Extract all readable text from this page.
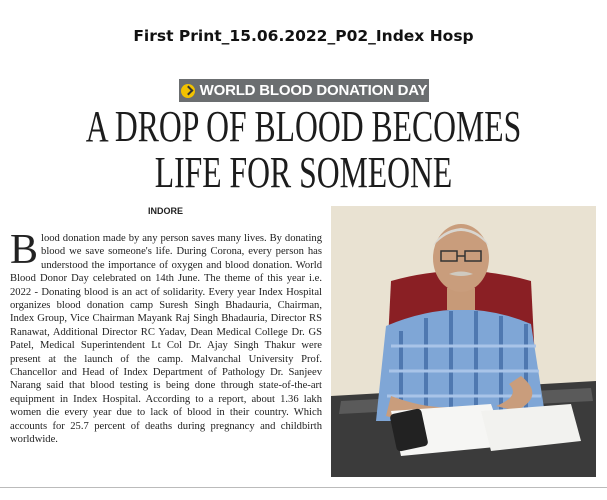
First Print_15.06.2022_P02_Index Hosp
WORLD BLOOD DONATION DAY
A DROP OF BLOOD BECOMES
LIFE FOR SOMEONE
INDORE
Blood donation made by any person saves many lives. By donating blood we save someone's life. During Corona, every person has understood the importance of oxygen and blood donation. World Blood Donor Day celebrated on 14th June. The theme of this year i.e. 2022 - Donating blood is an act of solidarity. Every year Index Hospital organizes blood donation camp Suresh Singh Bhadauria, Chairman, Index Group, Vice Chairman Mayank Raj Singh Bhadauria, Director RS Ranawat, Additional Director RC Yadav, Dean Medical College Dr. GS Patel, Medical Superintendent Lt Col Dr. Ajay Singh Thakur were present at the launch of the camp. Malvanchal University Prof. Chancellor and Head of Index Department of Pathology Dr. Sanjeev Narang said that blood testing is being done through state-of-the-art equipment in Index Hospital. According to a report, about 1.36 lakh women die every year due to lack of blood in their country. Which accounts for 25.7 percent of deaths during pregnancy and childbirth worldwide.
